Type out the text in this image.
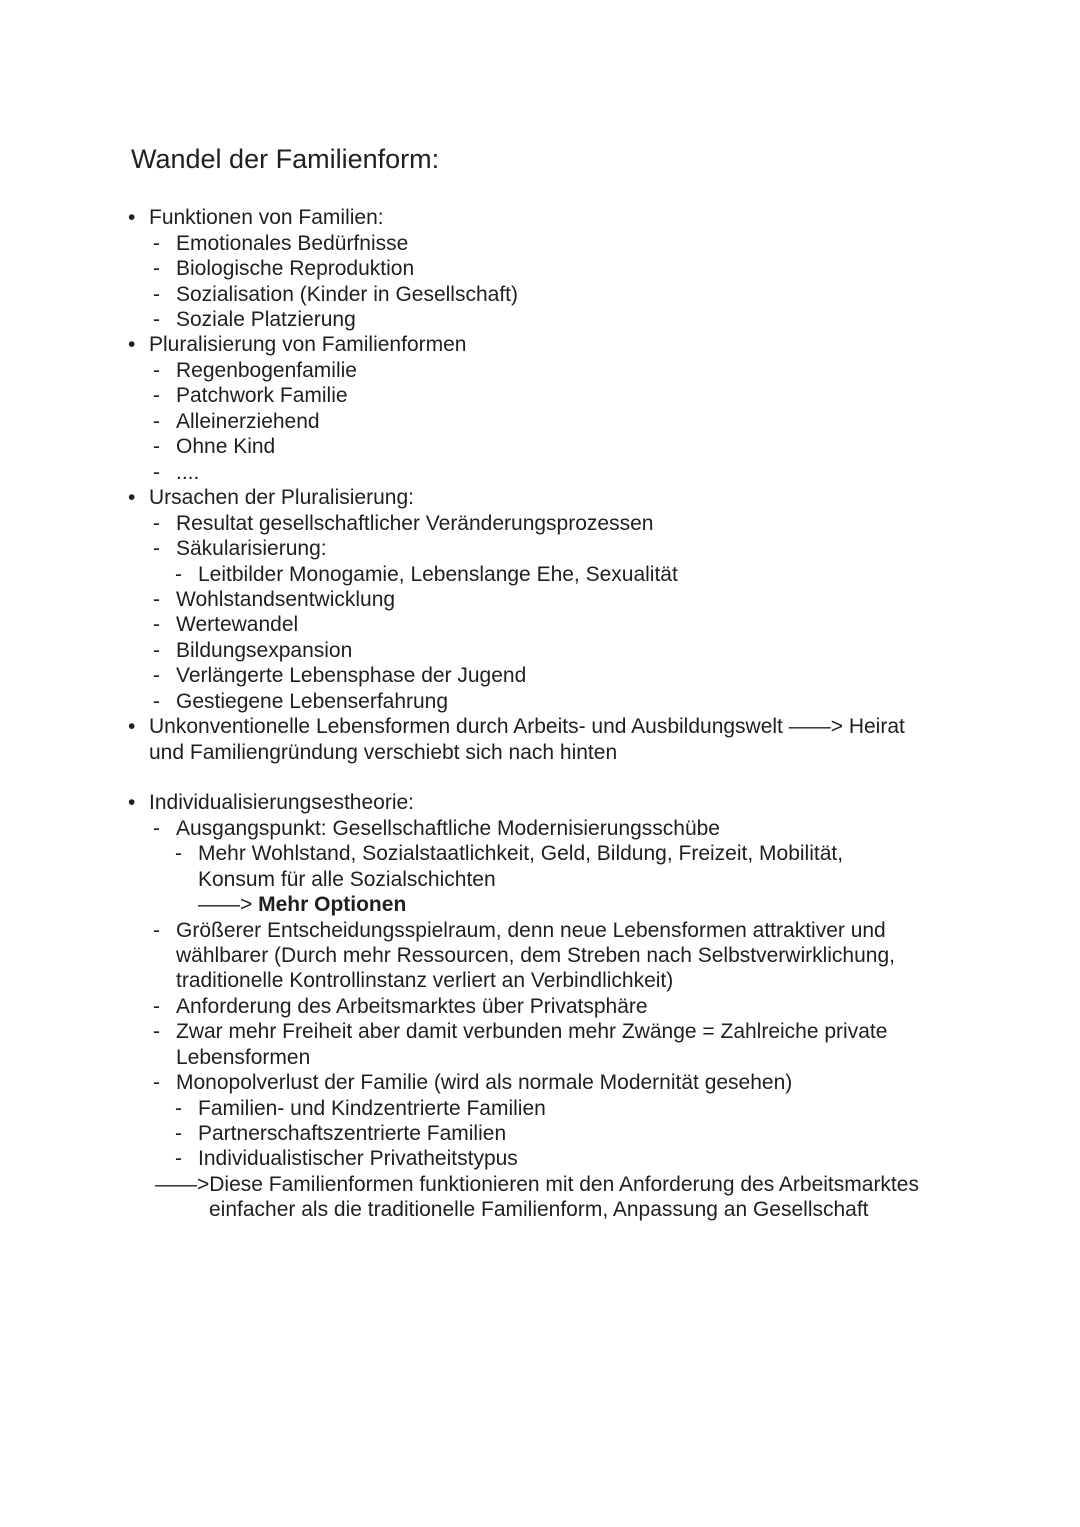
Wandel der Familienform:
• Funktionen von Familien:

- Emotionales Bedürfnisse

- Biologische Reproduktion

- Sozialisation (Kinder in Gesellschaft)

- Soziale Platzierung

• Pluralisierung von Familienformen

- Regenbogenfamilie

- Patchwork Familie

- Alleinerziehend

- Ohne Kind

- ....

• Ursachen der Pluralisierung:

- Resultat gesellschaftlicher Veränderungsprozessen

- Säkularisierung:

- Leitbilder Monogamie, Lebenslange Ehe, Sexualität

- Wohlstandsentwicklung

- Wertewandel

- Bildungsexpansion

- Verlängerte Lebensphase der Jugend

- Gestiegene Lebenserfahrung

• Unkonventionelle Lebensformen durch Arbeits- und Ausbildungswelt ——> Heirat

und Familiengründung verschiebt sich nach hinten

• Individualisierungsestheorie:

- Ausgangspunkt: Gesellschaftliche Modernisierungsschübe

- Mehr Wohlstand, Sozialstaatlichkeit, Geld, Bildung, Freizeit, Mobilität,

Konsum für alle Sozialschichten

——> Mehr Optionen

- Größerer Entscheidungsspielraum, denn neue Lebensformen attraktiver und

wählbarer (Durch mehr Ressourcen, dem Streben nach Selbstverwirklichung,

traditionelle Kontrollinstanz verliert an Verbindlichkeit)

- Anforderung des Arbeitsmarktes über Privatsphäre

- Zwar mehr Freiheit aber damit verbunden mehr Zwänge = Zahlreiche private

Lebensformen

- Monopolverlust der Familie (wird als normale Modernität gesehen)

- Familien- und Kindzentrierte Familien

- Partnerschaftszentrierte Familien

- Individualistischer Privatheitstypus

——>Diese Familienformen funktionieren mit den Anforderung des Arbeitsmarktes

einfacher als die traditionelle Familienform, Anpassung an Gesellschaft
